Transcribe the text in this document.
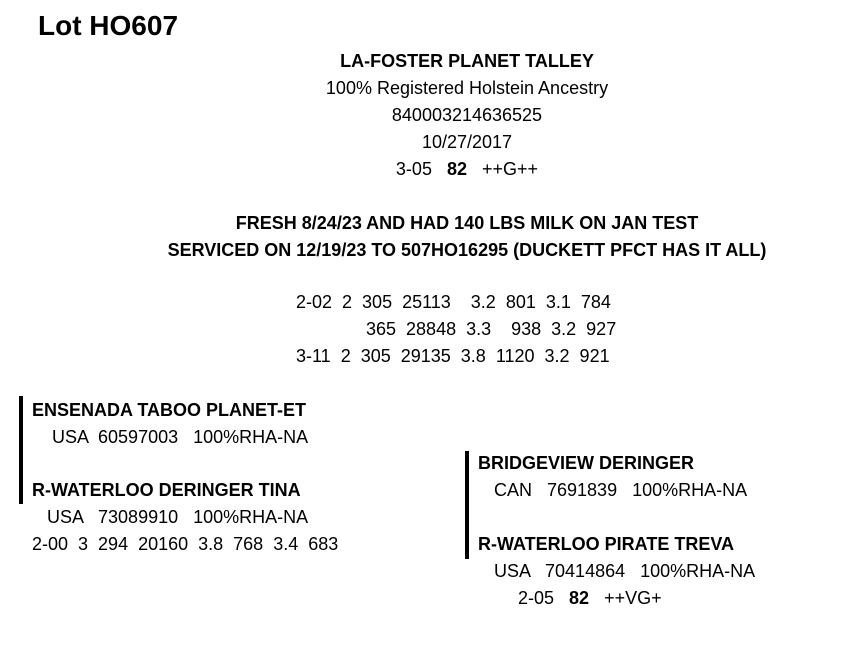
Lot HO607
LA-FOSTER PLANET TALLEY
100% Registered Holstein Ancestry
840003214636525
10/27/2017
3-05 82 ++G++
FRESH 8/24/23 AND HAD 140 LBS MILK ON JAN TEST
SERVICED ON 12/19/23 TO 507HO16295 (DUCKETT PFCT HAS IT ALL)
2-02  2  305  25113    3.2  801  3.1  784
365  28848  3.3    938  3.2  927
3-11  2  305  29135  3.8  1120  3.2  921
ENSENADA TABOO PLANET-ET
USA  60597003   100%RHA-NA
R-WATERLOO DERINGER TINA
USA   73089910   100%RHA-NA
2-00  3  294  20160  3.8  768  3.4  683
BRIDGEVIEW DERINGER
CAN   7691839   100%RHA-NA
R-WATERLOO PIRATE TREVA
USA   70414864   100%RHA-NA
2-05 82 ++VG+
